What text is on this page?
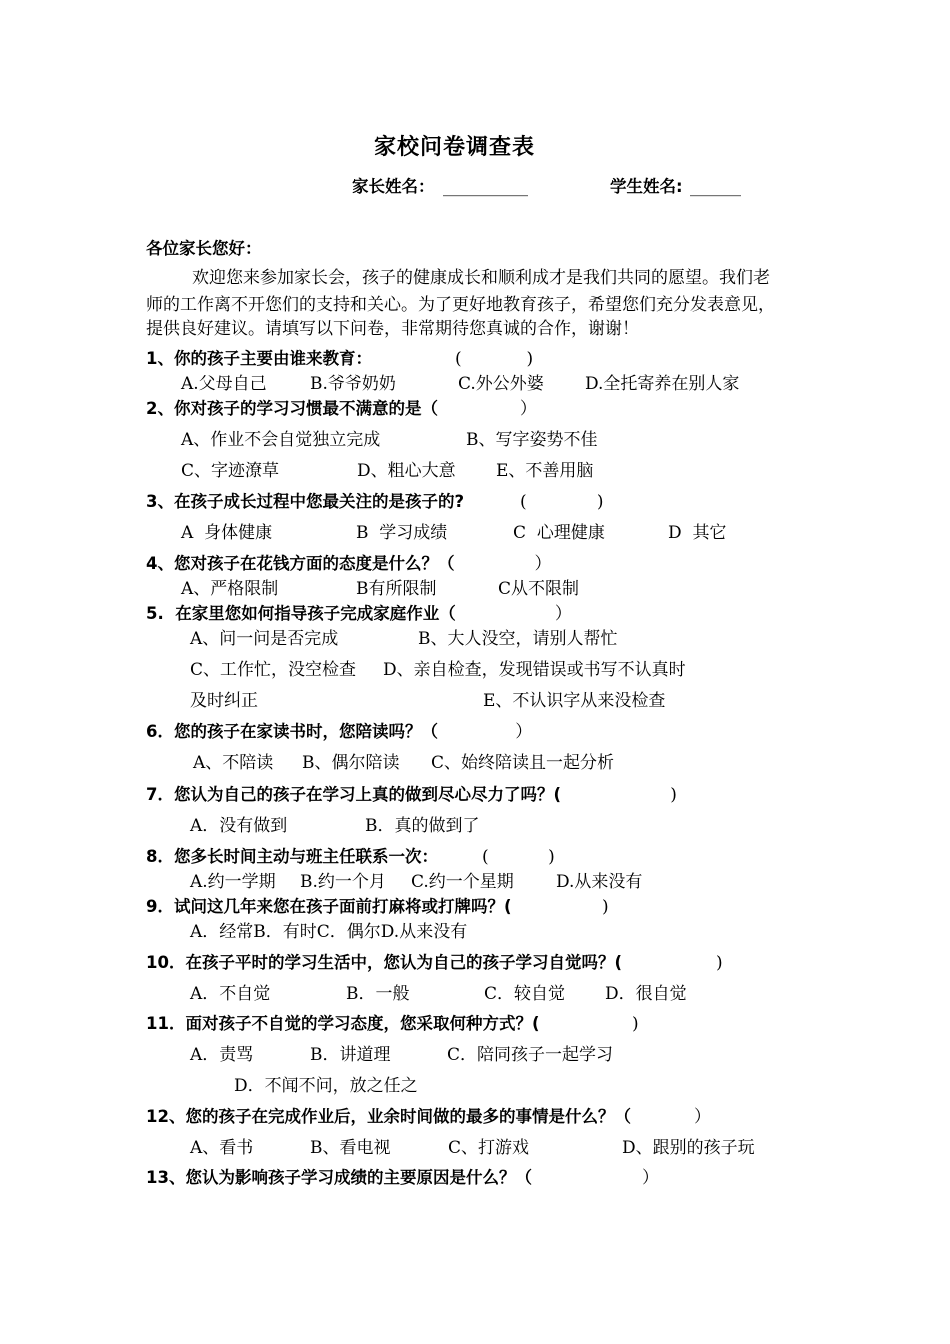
家校问卷调查表
家长姓名： __________	学生姓名: ______
各位家长您好：
欢迎您来参加家长会，孩子的健康成长和顺利成才是我们共同的愿望。我们老
师的工作离不开您们的支持和关心。为了更好地教育孩子，希望您们充分发表意见，
提供良好建议。请填写以下问卷，非常期待您真诚的合作，谢谢！
1、你的孩子主要由谁来教育：	(            )
A.父母自己	B.爷爷奶奶	C.外公外婆 D.全托寄养在别人家
2、你对孩子的学习习惯最不满意的是（ ）
A、作业不会自觉独立完成	B、写字姿势不佳
C、字迹潦草	D、粗心大意 E、不善用脑
3、在孩子成长过程中您最关注的是孩子的?	(             )
A  身体健康	B  学习成绩	C  心理健康	D  其它
4、您对孩子在花钱方面的态度是什么？（ ）
A、严格限制	B有所限制	C从不限制
5.  在家里您如何指导孩子完成家庭作业（ ）
A、问一问是否完成	B、大人没空，请别人帮忙
C、工作忙，没空检查 D、亲自检查，发现错误或书写不认真时
及时纠正	E、不认识字从来没检查
6．您的孩子在家读书时，您陪读吗？（ ）
A、不陪读 B、偶尔陪读 C、始终陪读且一起分析
7．您认为自己的孩子在学习上真的做到尽心尽力了吗？( )
A．没有做到	B．真的做到了
8．您多长时间主动与班主任联系一次：	(           )
A.约一学期 B.约一个月 C.约一个星期 D.从来没有
9．试问这几年来您在孩子面前打麻将或打牌吗？( )
A．经常B．有时C．偶尔D.从来没有
10．在孩子平时的学习生活中，您认为自己的孩子学习自觉吗？( )
A．不自觉	B．一般	C．较自觉 D．很自觉
11．面对孩子不自觉的学习态度，您采取何种方式？( )
A．责骂	B．讲道理	C．陪同孩子一起学习
D．不闻不问，放之任之
12、您的孩子在完成作业后，业余时间做的最多的事情是什么？（ ）
A、看书	B、看电视	C、打游戏	D、跟别的孩子玩
13、您认为影响孩子学习成绩的主要原因是什么？（	）
